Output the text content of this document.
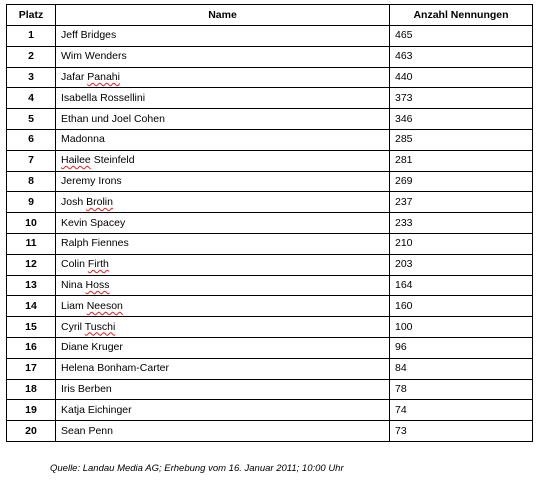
Platz	Name	Anzahl Nennungen
1	Jeff Bridges	465
2	Wim Wenders	463
3	Jafar Panahi	440
4	Isabella Rossellini	373
5	Ethan und Joel Cohen	346
6	Madonna	285
7	Hailee Steinfeld	281
8	Jeremy Irons	269
9	Josh Brolin	237
10	Kevin Spacey	233
11	Ralph Fiennes	210
12	Colin Firth	203
13	Nina Hoss	164
14	Liam Neeson	160
15	Cyril Tuschi	100
16	Diane Kruger	96
17	Helena Bonham-Carter	84
18	Iris Berben	78
19	Katja Eichinger	74
20	Sean Penn	73
Quelle: Landau Media AG; Erhebung vom 16. Januar 2011; 10:00 Uhr
